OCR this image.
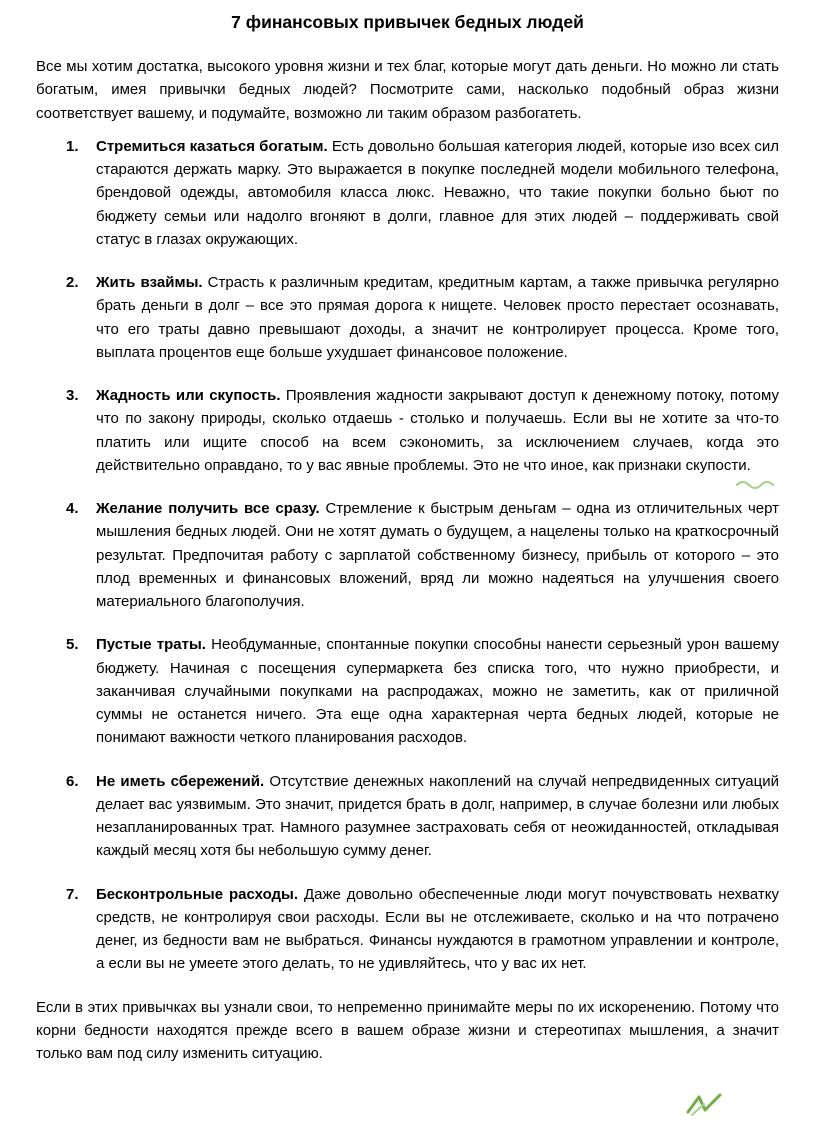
7 финансовых привычек бедных людей

Все мы хотим достатка, высокого уровня жизни и тех благ, которые могут дать деньги. Но можно ли стать богатым, имея привычки бедных людей? Посмотрите сами, насколько подобный образ жизни соответствует вашему, и подумайте, возможно ли таким образом разбогатеть.

1. Стремиться казаться богатым. Есть довольно большая категория людей, которые изо всех сил стараются держать марку. Это выражается в покупке последней модели мобильного телефона, брендовой одежды, автомобиля класса люкс. Неважно, что такие покупки больно бьют по бюджету семьи или надолго вгоняют в долги, главное для этих людей – поддерживать свой статус в глазах окружающих.
2. Жить взаймы. Страсть к различным кредитам, кредитным картам, а также привычка регулярно брать деньги в долг – все это прямая дорога к нищете. Человек просто перестает осознавать, что его траты давно превышают доходы, а значит не контролирует процесса. Кроме того, выплата процентов еще больше ухудшает финансовое положение.
3. Жадность или скупость. Проявления жадности закрывают доступ к денежному потоку, потому что по закону природы, сколько отдаешь - столько и получаешь. Если вы не хотите за что-то платить или ищите способ на всем сэкономить, за исключением случаев, когда это действительно оправдано, то у вас явные проблемы. Это не что иное, как признаки скупости.
4. Желание получить все сразу. Стремление к быстрым деньгам – одна из отличительных черт мышления бедных людей. Они не хотят думать о будущем, а нацелены только на краткосрочный результат. Предпочитая работу с зарплатой собственному бизнесу, прибыль от которого – это плод временных и финансовых вложений, вряд ли можно надеяться на улучшения своего материального благополучия.
5. Пустые траты. Необдуманные, спонтанные покупки способны нанести серьезный урон вашему бюджету. Начиная с посещения супермаркета без списка того, что нужно приобрести, и заканчивая случайными покупками на распродажах, можно не заметить, как от приличной суммы не останется ничего. Эта еще одна характерная черта бедных людей, которые не понимают важности четкого планирования расходов.
6. Не иметь сбережений. Отсутствие денежных накоплений на случай непредвиденных ситуаций делает вас уязвимым. Это значит, придется брать в долг, например, в случае болезни или любых незапланированных трат. Намного разумнее застраховать себя от неожиданностей, откладывая каждый месяц хотя бы небольшую сумму денег.
7. Бесконтрольные расходы. Даже довольно обеспеченные люди могут почувствовать нехватку средств, не контролируя свои расходы. Если вы не отслеживаете, сколько и на что потрачено денег, из бедности вам не выбраться. Финансы нуждаются в грамотном управлении и контроле, а если вы не умеете этого делать, то не удивляйтесь, что у вас их нет.

Если в этих привычках вы узнали свои, то непременно принимайте меры по их искоренению. Потому что корни бедности находятся прежде всего в вашем образе жизни и стереотипах мышления, а значит только вам под силу изменить ситуацию.
